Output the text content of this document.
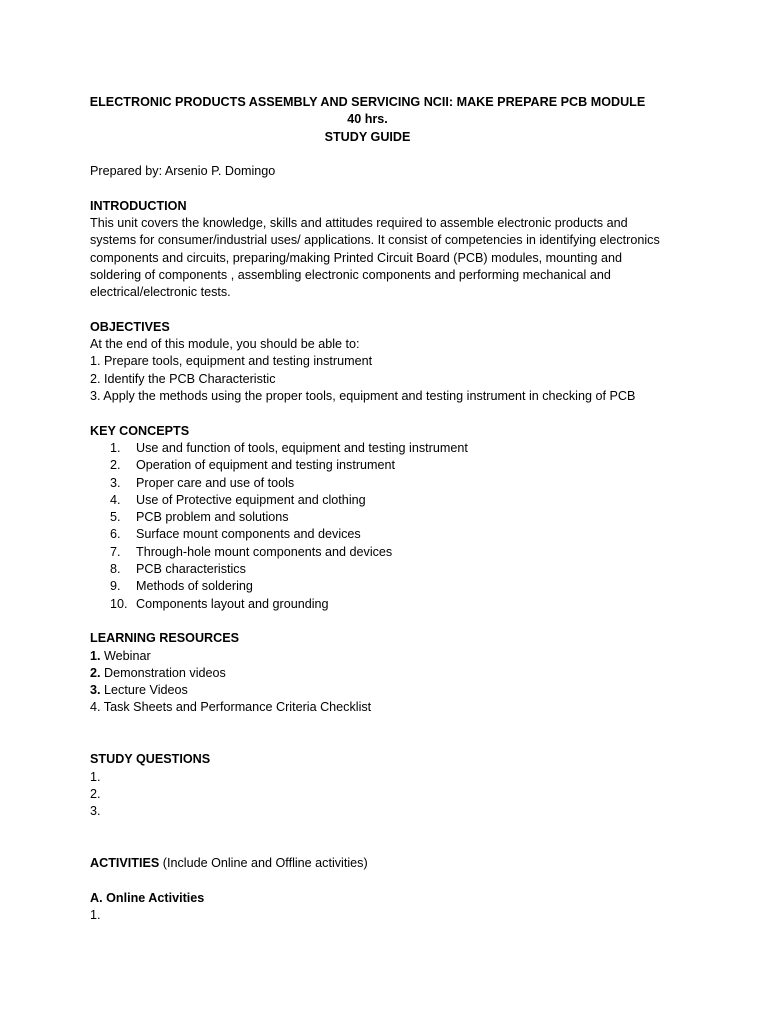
ELECTRONIC PRODUCTS ASSEMBLY AND SERVICING NCII: MAKE PREPARE PCB MODULE
40 hrs.
STUDY GUIDE
Prepared by: Arsenio P. Domingo
INTRODUCTION
This unit covers the knowledge, skills and attitudes required to assemble electronic products and
systems for consumer/industrial uses/ applications. It consist of competencies in identifying electronics
components and circuits, preparing/making Printed Circuit Board (PCB) modules, mounting and
soldering of components , assembling electronic components and performing mechanical and
electrical/electronic tests.
OBJECTIVES
At the end of this module, you should be able to:
1. Prepare tools, equipment and testing instrument
2. Identify the PCB Characteristic
3. Apply the methods using the proper tools, equipment and testing instrument in checking of PCB
KEY CONCEPTS
1.	Use and function of tools, equipment and testing instrument
2.	Operation of equipment and testing instrument
3.	Proper care and use of tools
4.	Use of Protective equipment and clothing
5.	PCB problem and solutions
6.	Surface mount components and devices
7.	Through-hole mount components and devices
8.	PCB characteristics
9.	Methods of soldering
10. Components layout and grounding
LEARNING RESOURCES
1. Webinar
2. Demonstration videos
3. Lecture Videos
4. Task Sheets and Performance Criteria Checklist
STUDY QUESTIONS
1.
2.
3.
ACTIVITIES (Include Online and Offline activities)
A. Online Activities
1.
